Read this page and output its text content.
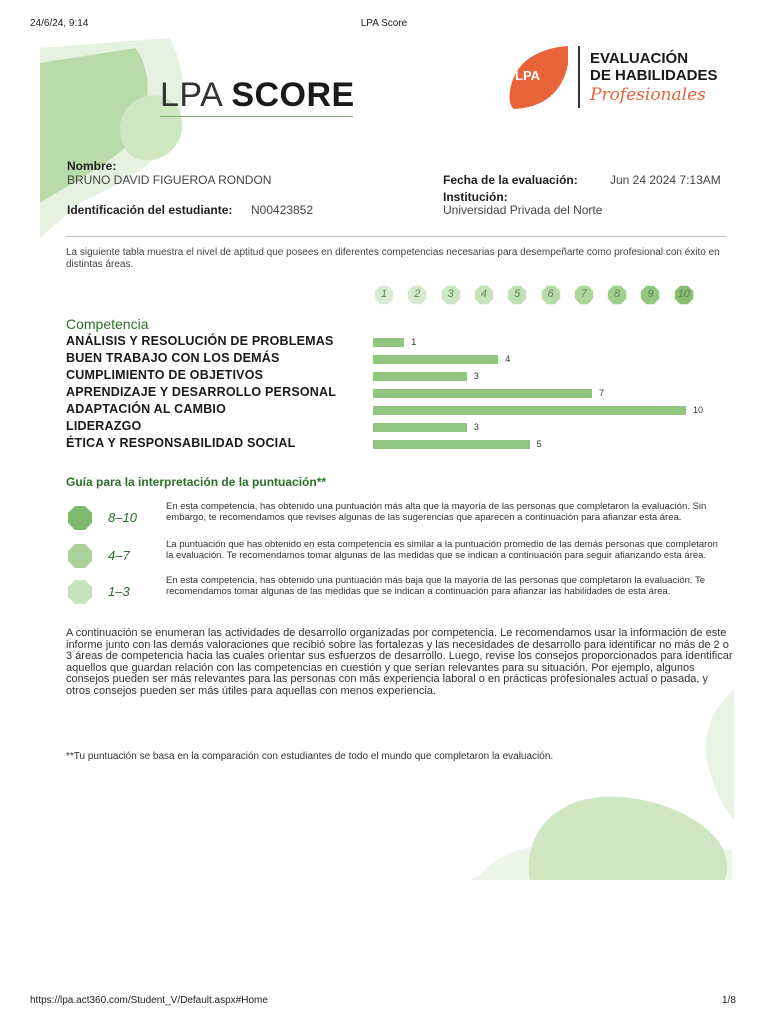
24/6/24, 9:14	LPA Score
LPA SCORE
LPA
EVALUACIÓN
DE HABILIDADES
Profesionales
Nombre:
BRUNO DAVID FIGUEROA RONDON
Identificación del estudiante: N00423852
Fecha de la evaluación:	Jun 24 2024 7:13AM
Institución:
Universidad Privada del Norte
La siguiente tabla muestra el nivel de aptitud que posees en diferentes competencias necesarias para desempeñarte como profesional con éxito en distintas áreas.
1	2	3	4	5	6	7	8	9	10
Competencia
ANÁLISIS Y RESOLUCIÓN DE PROBLEMAS	1
BUEN TRABAJO CON LOS DEMÁS	4
CUMPLIMIENTO DE OBJETIVOS	3
APRENDIZAJE Y DESARROLLO PERSONAL	7
ADAPTACIÓN AL CAMBIO	10
LIDERAZGO	3
ÉTICA Y RESPONSABILIDAD SOCIAL	5
Guía para la interpretación de la puntuación**
8–10
En esta competencia, has obtenido una puntuación más alta que la mayoría de las personas que completaron la evaluación. Sin embargo, te recomendamos que revises algunas de las sugerencias que aparecen a continuación para afianzar esta área.
4–7
La puntuación que has obtenido en esta competencia es similar a la puntuación promedio de las demás personas que completaron la evaluación. Te recomendamos tomar algunas de las medidas que se indican a continuación para seguir afianzando esta área.
1–3
En esta competencia, has obtenido una puntuación más baja que la mayoría de las personas que completaron la evaluación. Te recomendamos tomar algunas de las medidas que se indican a continuación para afianzar las habilidades de esta área.
A continuación se enumeran las actividades de desarrollo organizadas por competencia. Le recomendamos usar la información de este informe junto con las demás valoraciones que recibió sobre las fortalezas y las necesidades de desarrollo para identificar no más de 2 o 3 áreas de competencia hacia las cuales orientar sus esfuerzos de desarrollo. Luego, revise los consejos proporcionados para identificar aquellos que guardan relación con las competencias en cuestión y que serían relevantes para su situación. Por ejemplo, algunos consejos pueden ser más relevantes para las personas con más experiencia laboral o en prácticas profesionales actual o pasada, y otros consejos pueden ser más útiles para aquellas con menos experiencia.
**Tu puntuación se basa en la comparación con estudiantes de todo el mundo que completaron la evaluación.
https://lpa.act360.com/Student_V/Default.aspx#Home	1/8
